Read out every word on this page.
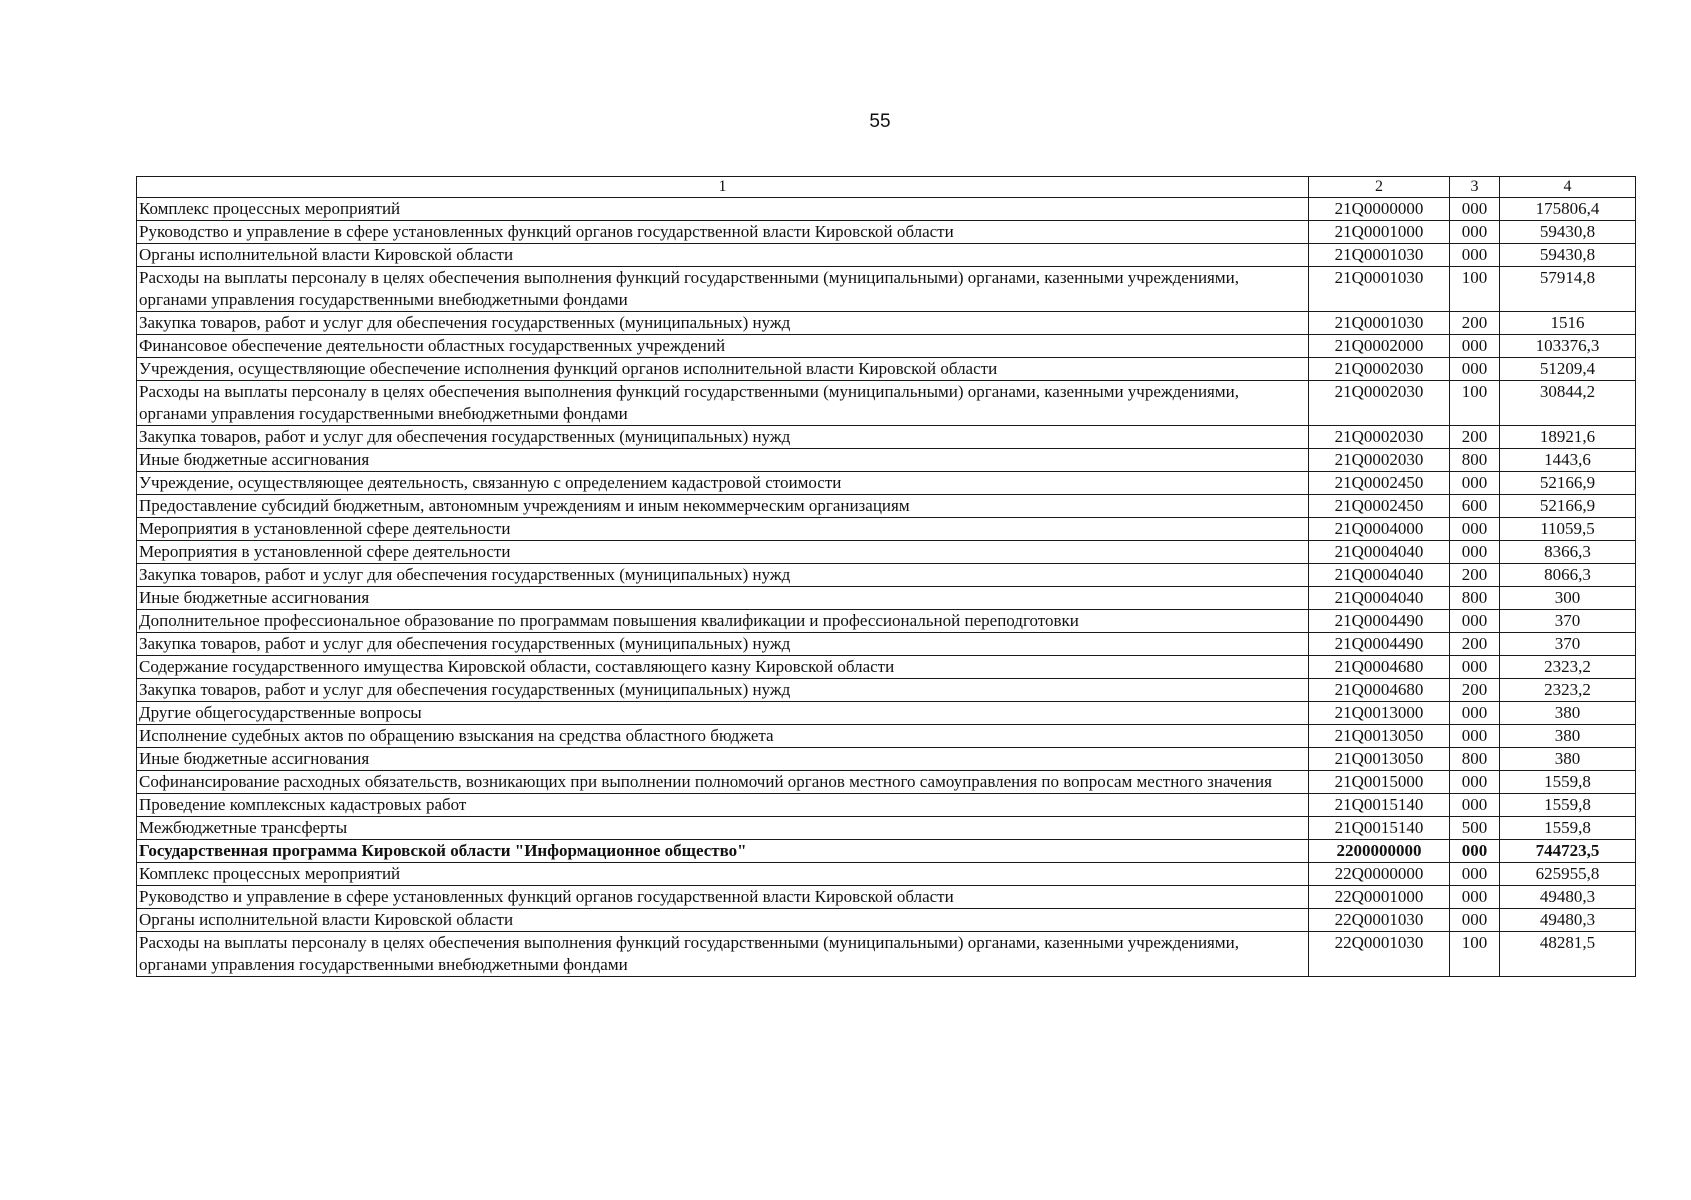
55
1	2	3	4
Комплекс процессных мероприятий	21Q0000000	000	175806,4
Руководство и управление в сфере установленных функций органов государственной власти Кировской области	21Q0001000	000	59430,8
Органы исполнительной власти Кировской области	21Q0001030	000	59430,8
Расходы на выплаты персоналу в целях обеспечения выполнения функций государственными (муниципальными) органами, казенными учреждениями, органами управления государственными внебюджетными фондами	21Q0001030	100	57914,8
Закупка товаров, работ и услуг для обеспечения государственных (муниципальных) нужд	21Q0001030	200	1516
Финансовое обеспечение деятельности областных государственных учреждений	21Q0002000	000	103376,3
Учреждения, осуществляющие обеспечение исполнения функций органов исполнительной власти Кировской области	21Q0002030	000	51209,4
Расходы на выплаты персоналу в целях обеспечения выполнения функций государственными (муниципальными) органами, казенными учреждениями, органами управления государственными внебюджетными фондами	21Q0002030	100	30844,2
Закупка товаров, работ и услуг для обеспечения государственных (муниципальных) нужд	21Q0002030	200	18921,6
Иные бюджетные ассигнования	21Q0002030	800	1443,6
Учреждение, осуществляющее деятельность, связанную с определением кадастровой стоимости	21Q0002450	000	52166,9
Предоставление субсидий бюджетным, автономным учреждениям и иным некоммерческим организациям	21Q0002450	600	52166,9
Мероприятия в установленной сфере деятельности	21Q0004000	000	11059,5
Мероприятия в установленной сфере деятельности	21Q0004040	000	8366,3
Закупка товаров, работ и услуг для обеспечения государственных (муниципальных) нужд	21Q0004040	200	8066,3
Иные бюджетные ассигнования	21Q0004040	800	300
Дополнительное профессиональное образование по программам повышения квалификации и профессиональной переподготовки	21Q0004490	000	370
Закупка товаров, работ и услуг для обеспечения государственных (муниципальных) нужд	21Q0004490	200	370
Содержание государственного имущества Кировской области, составляющего казну Кировской области	21Q0004680	000	2323,2
Закупка товаров, работ и услуг для обеспечения государственных (муниципальных) нужд	21Q0004680	200	2323,2
Другие общегосударственные вопросы	21Q0013000	000	380
Исполнение судебных актов по обращению взыскания на средства областного бюджета	21Q0013050	000	380
Иные бюджетные ассигнования	21Q0013050	800	380
Софинансирование расходных обязательств, возникающих при выполнении полномочий органов местного самоуправления по вопросам местного значения	21Q0015000	000	1559,8
Проведение комплексных кадастровых работ	21Q0015140	000	1559,8
Межбюджетные трансферты	21Q0015140	500	1559,8
Государственная программа Кировской области "Информационное общество"	2200000000	000	744723,5
Комплекс процессных мероприятий	22Q0000000	000	625955,8
Руководство и управление в сфере установленных функций органов государственной власти Кировской области	22Q0001000	000	49480,3
Органы исполнительной власти Кировской области	22Q0001030	000	49480,3
Расходы на выплаты персоналу в целях обеспечения выполнения функций государственными (муниципальными) органами, казенными учреждениями, органами управления государственными внебюджетными фондами	22Q0001030	100	48281,5
